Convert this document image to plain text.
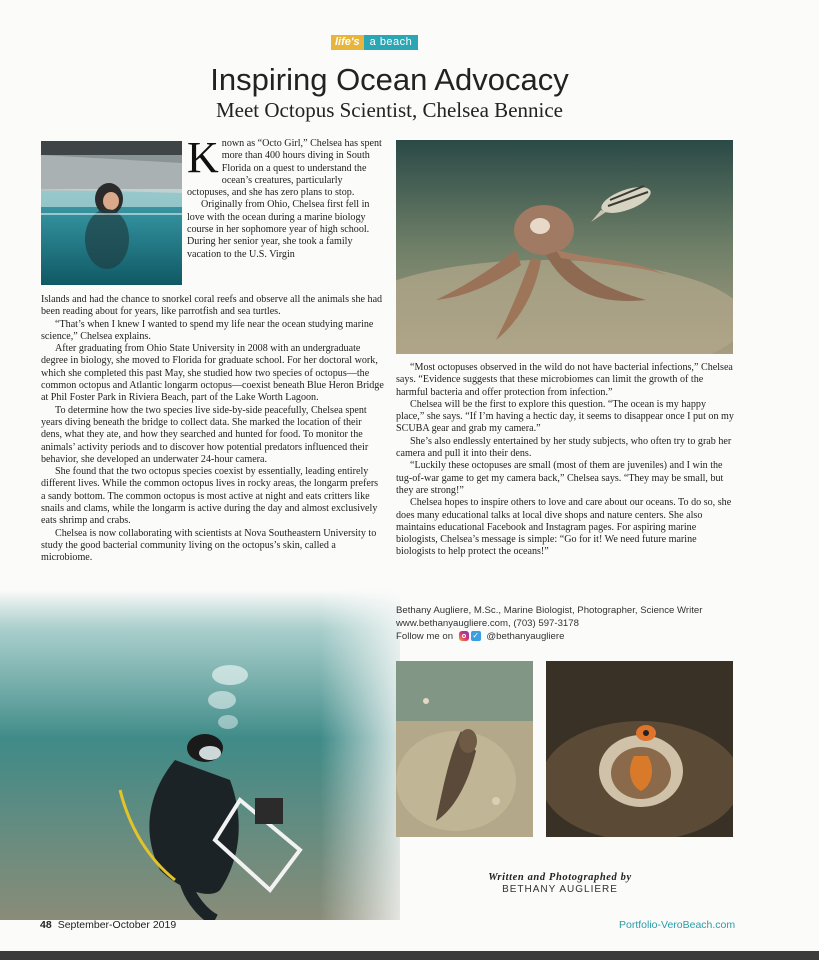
life's a beach
Inspiring Ocean Advocacy
Meet Octopus Scientist, Chelsea Bennice
K nown as “Octo Girl,” Chelsea has spent more than 400 hours diving in South Florida on a quest to understand the ocean’s creatures, particularly octopuses, and she has zero plans to stop.
Originally from Ohio, Chelsea first fell in love with the ocean during a marine biology course in her sophomore year of high school. During her senior year, she took a family vacation to the U.S. Virgin
Islands and had the chance to snorkel coral reefs and observe all the animals she had been reading about for years, like parrotfish and sea turtles.
“That’s when I knew I wanted to spend my life near the ocean studying marine science,” Chelsea explains.
After graduating from Ohio State University in 2008 with an undergraduate degree in biology, she moved to Florida for graduate school. For her doctoral work, which she completed this past May, she studied how two species of octopus—the common octopus and Atlantic longarm octopus—coexist beneath Blue Heron Bridge at Phil Foster Park in Riviera Beach, part of the Lake Worth Lagoon.
To determine how the two species live side-by-side peacefully, Chelsea spent years diving beneath the bridge to collect data. She marked the location of their dens, what they ate, and how they searched and hunted for food. To monitor the animals’ activity periods and to discover how potential predators influenced their behavior, she developed an underwater 24-hour camera.
She found that the two octopus species coexist by essentially, leading entirely different lives. While the common octopus lives in rocky areas, the longarm prefers a sandy bottom. The common octopus is most active at night and eats critters like snails and clams, while the longarm is active during the day and almost exclusively eats shrimp and crabs.
Chelsea is now collaborating with scientists at Nova Southeastern University to study the good bacterial community living on the octopus’s skin, called a microbiome.
“Most octopuses observed in the wild do not have bacterial infections,” Chelsea says. “Evidence suggests that these microbiomes can limit the growth of the harmful bacteria and offer protection from infection.”
Chelsea will be the first to explore this question. “The ocean is my happy place,” she says. “If I’m having a hectic day, it seems to disappear once I put on my SCUBA gear and grab my camera.”
She’s also endlessly entertained by her study subjects, who often try to grab her camera and pull it into their dens.
“Luckily these octopuses are small (most of them are juveniles) and I win the tug-of-war game to get my camera back,” Chelsea says. “They may be small, but they are strong!”
Chelsea hopes to inspire others to love and care about our oceans. To do so, she does many educational talks at local dive shops and nature centers. She also maintains educational Facebook and Instagram pages. For aspiring marine biologists, Chelsea’s message is simple: “Go for it! We need future marine biologists to help protect the oceans!”
Bethany Augliere, M.Sc., Marine Biologist, Photographer, Science Writer
www.bethanyaugliere.com, (703) 597-3178
Follow me on ✓ @bethanyaugliere
Written and Photographed by
BETHANY AUGLIERE
48 September-October 2019	Portfolio-VeroBeach.com
